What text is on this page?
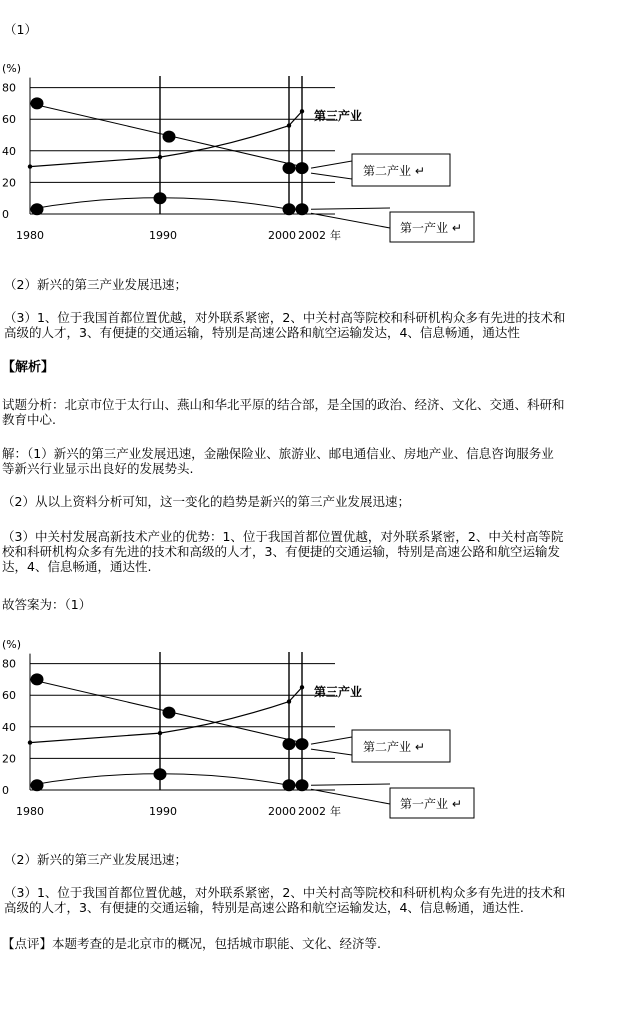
（1）
80
60
40
20
0
(%)
1980	1990	2000 2002 年
第三产业
第二产业 ↵
第一产业 ↵
（2）新兴的第三产业发展迅速；
（3）1、位于我国首都位置优越，对外联系紧密，2、中关村高等院校和科研机构众多有先进的技术和
高级的人才，3、有便捷的交通运输，特别是高速公路和航空运输发达，4、信息畅通，通达性
【解析】
试题分析：北京市位于太行山、燕山和华北平原的结合部，是全国的政治、经济、文化、交通、科研和
教育中心.
解：（1）新兴的第三产业发展迅速，金融保险业、旅游业、邮电通信业、房地产业、信息咨询服务业
等新兴行业显示出良好的发展势头.
（2）从以上资料分析可知，这一变化的趋势是新兴的第三产业发展迅速；
（3）中关村发展高新技术产业的优势：1、位于我国首都位置优越，对外联系紧密，2、中关村高等院
校和科研机构众多有先进的技术和高级的人才，3、有便捷的交通运输，特别是高速公路和航空运输发
达，4、信息畅通，通达性.
故答案为：（1）
80
60
40
20
0
(%)
1980	1990	2000 2002 年
第三产业
第二产业 ↵
第一产业 ↵
（2）新兴的第三产业发展迅速；
（3）1、位于我国首都位置优越，对外联系紧密，2、中关村高等院校和科研机构众多有先进的技术和
高级的人才，3、有便捷的交通运输，特别是高速公路和航空运输发达，4、信息畅通，通达性.
【点评】本题考查的是北京市的概况，包括城市职能、文化、经济等.
